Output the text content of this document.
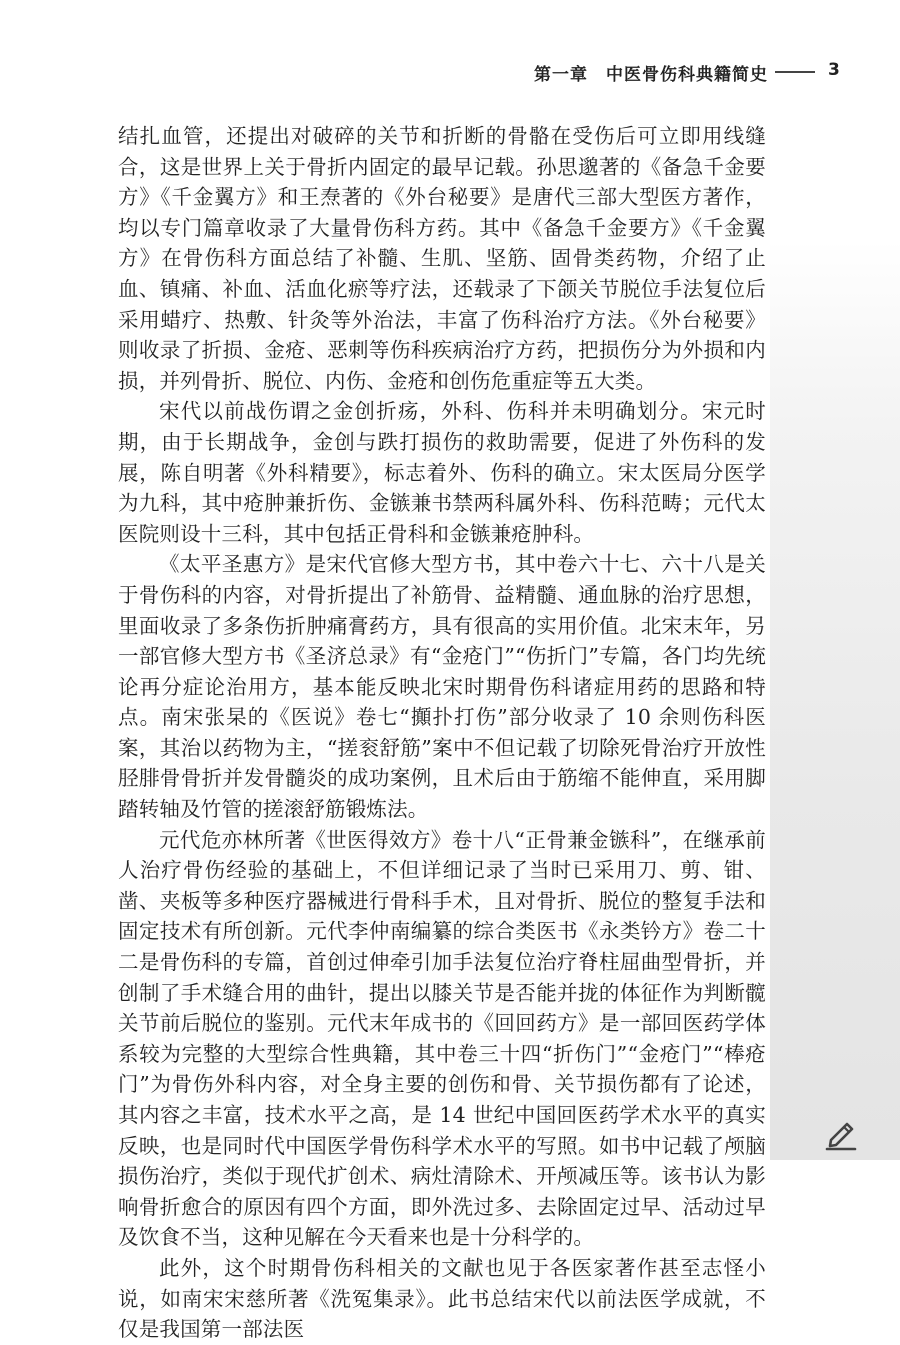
第一章　中医骨伤科典籍简史	3

结扎血管，还提出对破碎的关节和折断的骨骼在受伤后可立即用线缝合，这是世界上关于骨折内固定的最早记载。孙思邈著的《备急千金要方》《千金翼方》和王焘著的《外台秘要》是唐代三部大型医方著作，均以专门篇章收录了大量骨伤科方药。其中《备急千金要方》《千金翼方》在骨伤科方面总结了补髓、生肌、坚筋、固骨类药物，介绍了止血、镇痛、补血、活血化瘀等疗法，还载录了下颌关节脱位手法复位后采用蜡疗、热敷、针灸等外治法，丰富了伤科治疗方法。《外台秘要》则收录了折损、金疮、恶刺等伤科疾病治疗方药，把损伤分为外损和内损，并列骨折、脱位、内伤、金疮和创伤危重症等五大类。

宋代以前战伤谓之金创折疡，外科、伤科并未明确划分。宋元时期，由于长期战争，金创与跌打损伤的救助需要，促进了外伤科的发展，陈自明著《外科精要》，标志着外、伤科的确立。宋太医局分医学为九科，其中疮肿兼折伤、金镞兼书禁两科属外科、伤科范畴；元代太医院则设十三科，其中包括正骨科和金镞兼疮肿科。

《太平圣惠方》是宋代官修大型方书，其中卷六十七、六十八是关于骨伤科的内容，对骨折提出了补筋骨、益精髓、通血脉的治疗思想，里面收录了多条伤折肿痛膏药方，具有很高的实用价值。北宋末年，另一部官修大型方书《圣济总录》有“金疮门”“伤折门”专篇，各门均先统论再分症论治用方，基本能反映北宋时期骨伤科诸症用药的思路和特点。南宋张杲的《医说》卷七“攧扑打伤”部分收录了 10 余则伤科医案，其治以药物为主，“搓衮舒筋”案中不但记载了切除死骨治疗开放性胫腓骨骨折并发骨髓炎的成功案例，且术后由于筋缩不能伸直，采用脚踏转轴及竹管的搓滚舒筋锻炼法。

元代危亦林所著《世医得效方》卷十八“正骨兼金镞科”，在继承前人治疗骨伤经验的基础上，不但详细记录了当时已采用刀、剪、钳、凿、夹板等多种医疗器械进行骨科手术，且对骨折、脱位的整复手法和固定技术有所创新。元代李仲南编纂的综合类医书《永类钤方》卷二十二是骨伤科的专篇，首创过伸牵引加手法复位治疗脊柱屈曲型骨折，并创制了手术缝合用的曲针，提出以膝关节是否能并拢的体征作为判断髋关节前后脱位的鉴别。元代末年成书的《回回药方》是一部回医药学体系较为完整的大型综合性典籍，其中卷三十四“折伤门”“金疮门”“棒疮门”为骨伤外科内容，对全身主要的创伤和骨、关节损伤都有了论述，其内容之丰富，技术水平之高，是 14 世纪中国回医药学术水平的真实反映，也是同时代中国医学骨伤科学术水平的写照。如书中记载了颅脑损伤治疗，类似于现代扩创术、病灶清除术、开颅减压等。该书认为影响骨折愈合的原因有四个方面，即外洗过多、去除固定过早、活动过早及饮食不当，这种见解在今天看来也是十分科学的。

此外，这个时期骨伤科相关的文献也见于各医家著作甚至志怪小说，如南宋宋慈所著《洗冤集录》。此书总结宋代以前法医学成就，不仅是我国第一部法医
